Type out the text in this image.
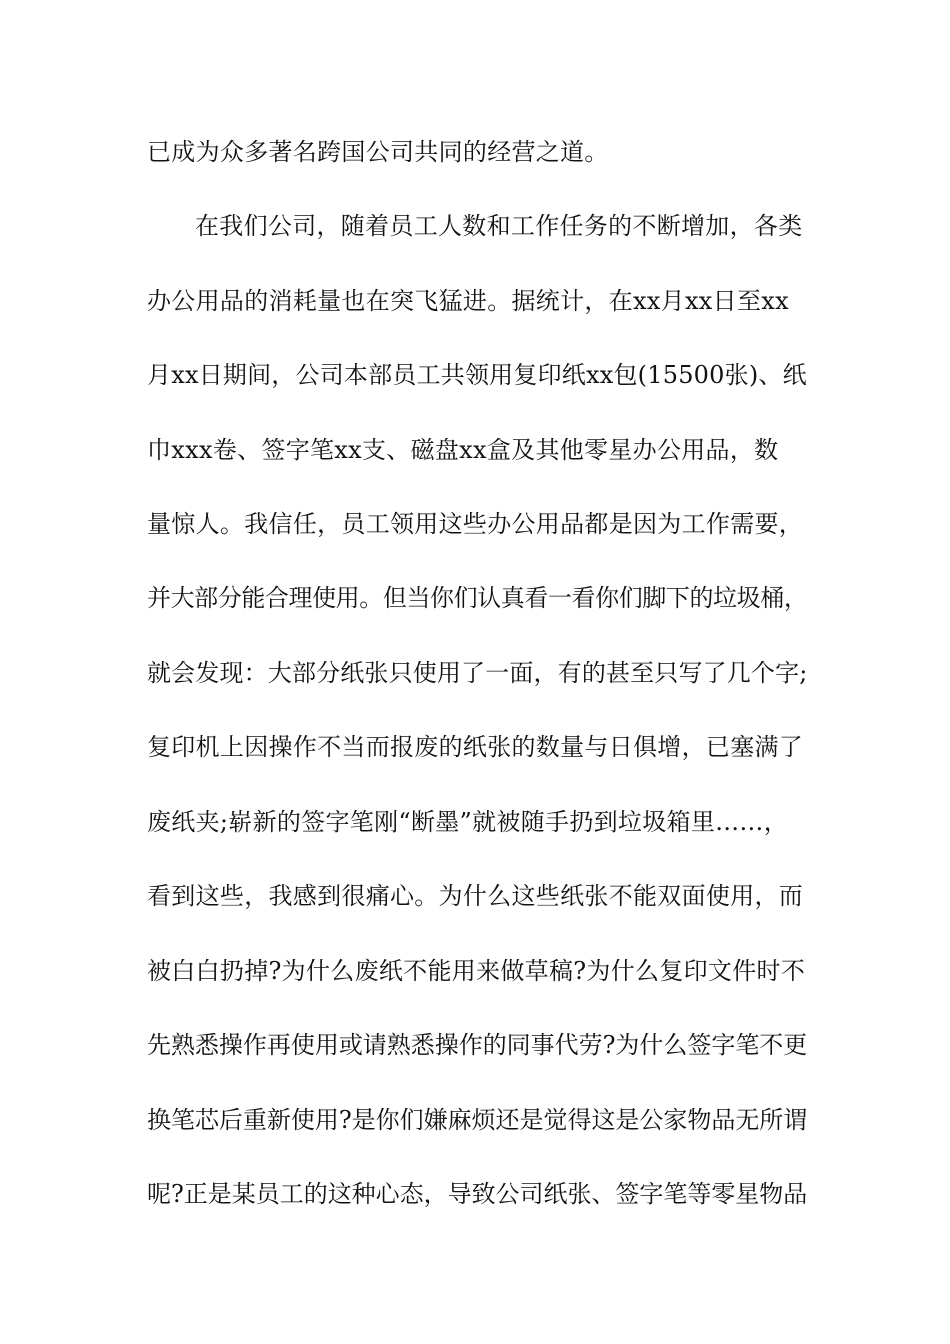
已成为众多著名跨国公司共同的经营之道。
在我们公司，随着员工人数和工作任务的不断增加，各类
办公用品的消耗量也在突飞猛进。据统计，在xx月xx日至xx
月xx日期间，公司本部员工共领用复印纸xx包(15500张)、纸
巾xxx卷、签字笔xx支、磁盘xx盒及其他零星办公用品，数
量惊人。我信任，员工领用这些办公用品都是因为工作需要，
并大部分能合理使用。但当你们认真看一看你们脚下的垃圾桶，
就会发现：大部分纸张只使用了一面，有的甚至只写了几个字;
复印机上因操作不当而报废的纸张的数量与日俱增，已塞满了
废纸夹;崭新的签字笔刚“断墨”就被随手扔到垃圾箱里……，
看到这些，我感到很痛心。为什么这些纸张不能双面使用，而
被白白扔掉?为什么废纸不能用来做草稿?为什么复印文件时不
先熟悉操作再使用或请熟悉操作的同事代劳?为什么签字笔不更
换笔芯后重新使用?是你们嫌麻烦还是觉得这是公家物品无所谓
呢?正是某员工的这种心态，导致公司纸张、签字笔等零星物品
